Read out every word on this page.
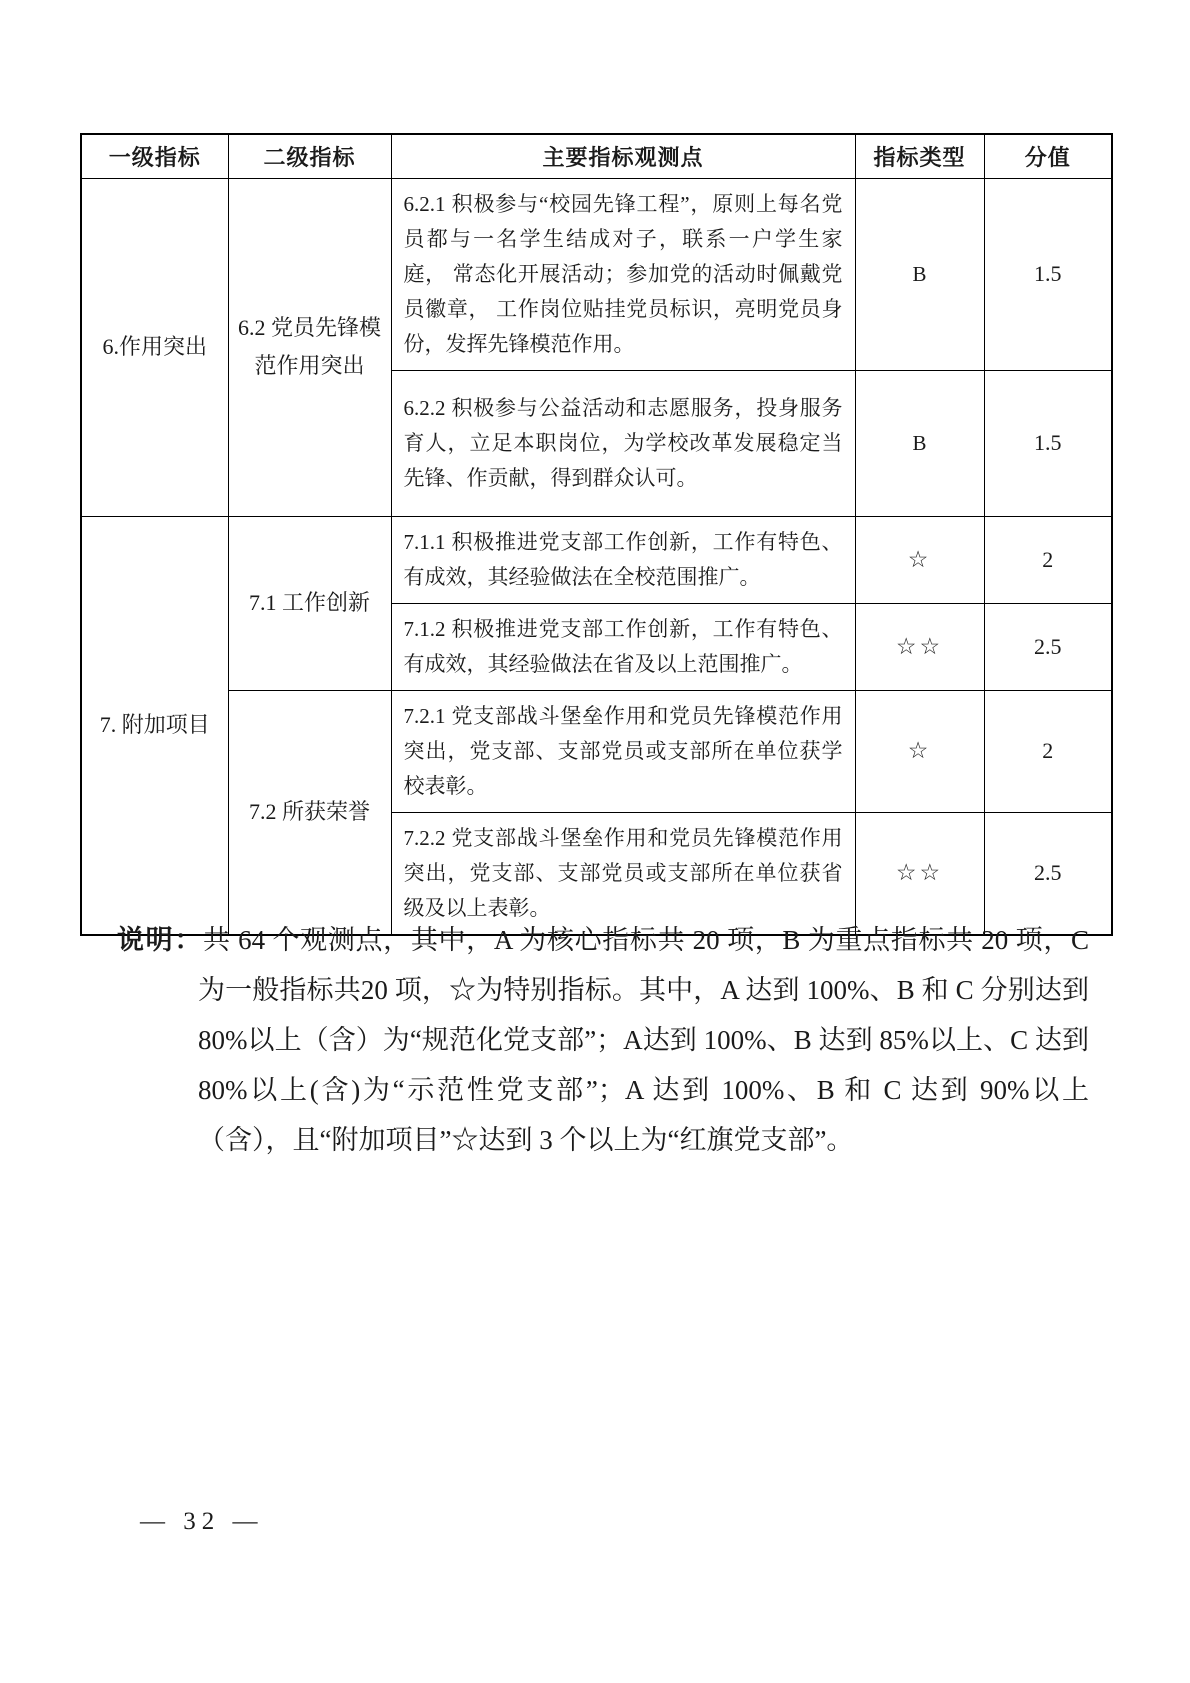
一级指标	二级指标	主要指标观测点	指标类型	分值
6.作用突出	6.2 党员先锋模范作用突出	6.2.1 积极参与“校园先锋工程”，原则上每名党员都与一名学生结成对子，联系一户学生家庭， 常态化开展活动；参加党的活动时佩戴党员徽章， 工作岗位贴挂党员标识，亮明党员身份，发挥先锋模范作用。	B	1.5
		6.2.2 积极参与公益活动和志愿服务，投身服务育人，立足本职岗位，为学校改革发展稳定当先锋、作贡献，得到群众认可。	B	1.5
7. 附加项目	7.1 工作创新	7.1.1 积极推进党支部工作创新，工作有特色、有成效，其经验做法在全校范围推广。	☆	2
		7.1.2 积极推进党支部工作创新，工作有特色、有成效，其经验做法在省及以上范围推广。	☆☆	2.5
	7.2 所获荣誉	7.2.1 党支部战斗堡垒作用和党员先锋模范作用突出，党支部、支部党员或支部所在单位获学校表彰。	☆	2
		7.2.2 党支部战斗堡垒作用和党员先锋模范作用突出，党支部、支部党员或支部所在单位获省级及以上表彰。	☆☆	2.5

说明：共 64 个观测点，其中，A 为核心指标共 20 项，B 为重点指标共 20 项，C 为一般指标共20 项，☆为特别指标。其中，A 达到 100%、B 和 C 分别达到 80%以上（含）为“规范化党支部”；A达到 100%、B 达到 85%以上、C 达到 80%以上(含)为“示范性党支部”；A 达到 100%、B 和 C 达到 90%以上（含），且“附加项目”☆达到 3 个以上为“红旗党支部”。

— 32 —
